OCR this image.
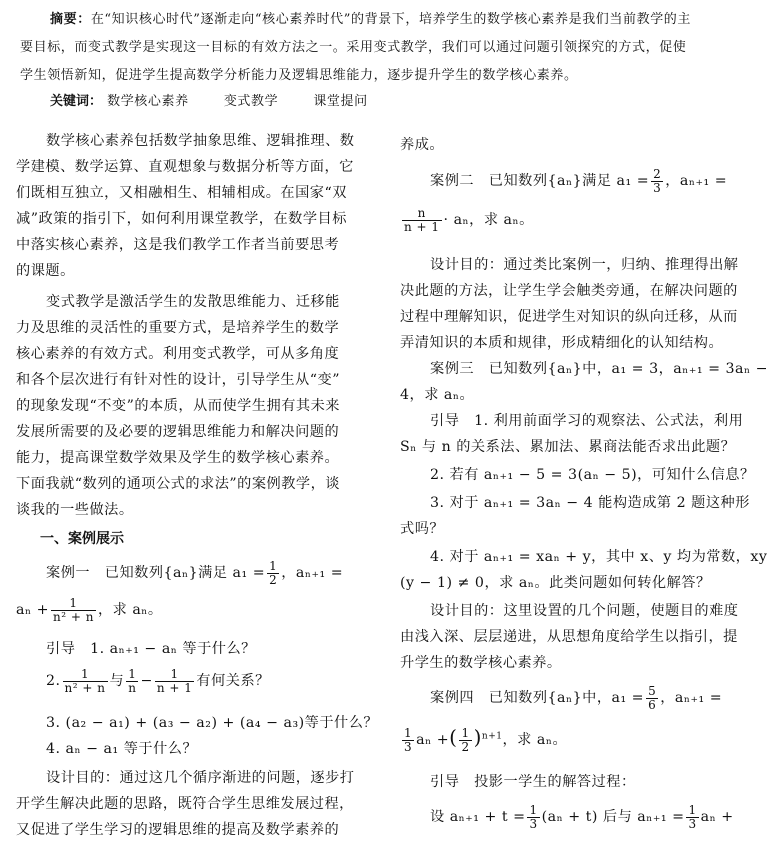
摘要：在“知识核心时代”逐渐走向“核心素养时代”的背景下，培养学生的数学核心素养是我们当前教学的主
要目标，而变式教学是实现这一目标的有效方法之一。采用变式教学，我们可以通过问题引领探究的方式，促使
学生领悟新知，促进学生提高数学分析能力及逻辑思维能力，逐步提升学生的数学核心素养。
关键词： 数学核心素养	变式教学	课堂提问
数学核心素养包括数学抽象思维、逻辑推理、数
学建模、数学运算、直观想象与数据分析等方面，它
们既相互独立，又相融相生、相辅相成。在国家“双
减”政策的指引下，如何利用课堂教学，在数学目标
中落实核心素养，这是我们教学工作者当前要思考
的课题。
变式教学是激活学生的发散思维能力、迁移能
力及思维的灵活性的重要方式，是培养学生的数学
核心素养的有效方式。利用变式教学，可从多角度
和各个层次进行有针对性的设计，引导学生从“变”
的现象发现“不变”的本质，从而使学生拥有其未来
发展所需要的及必要的逻辑思维能力和解决问题的
能力，提高课堂数学效果及学生的数学核心素养。
下面我就“数列的通项公式的求法”的案例教学，谈
谈我的一些做法。
一、案例展示
案例一　已知数列{aₙ}满足 $a_1 = \frac{1}{2}$ ，aₙ₊₁ =
$a_n + \frac{1}{\text{n² + n}}$ ，求 aₙ。
引导　 1. aₙ₊₁ − aₙ 等于什么？
2. $\frac{1}{\text{n² + n}}$ 与 $\frac{1}{n} - \frac{1}{n + 1}$ 有何关系？
3. (a₂ − a₁) + (a₃ − a₂) + (a₄ − a₃)等于什么？
4. aₙ − a₁ 等于什么？
设计目的：通过这几个循序渐进的问题，逐步打
开学生解决此题的思路，既符合学生思维发展过程，
又促进了学生学习的逻辑思维的提高及数学素养的
养成。
案例二　已知数列{aₙ}满足 $a_1 = \frac{2}{3}$ ，aₙ₊₁ =
$\frac{n}{n + 1} \cdot a_n$，求 aₙ。
设计目的：通过类比案例一，归纳、推理得出解
决此题的方法，让学生学会触类旁通，在解决问题的
过程中理解知识，促进学生对知识的纵向迁移，从而
弄清知识的本质和规律，形成精细化的认知结构。
案例三　已知数列{aₙ}中，a₁ = 3，aₙ₊₁ = 3aₙ −
4，求 aₙ。
引导　1. 利用前面学习的观察法、公式法，利用
Sₙ 与 n 的关系法、累加法、累商法能否求出此题？
2. 若有 aₙ₊₁ − 5 = 3(aₙ − 5)，可知什么信息？
3. 对于 aₙ₊₁ = 3aₙ − 4 能构造成第 2 题这种形
式吗？
4. 对于 aₙ₊₁ = xaₙ + y，其中 x、y 均为常数，xy
(y − 1) ≠ 0，求 aₙ。此类问题如何转化解答？
设计目的：这里设置的几个问题，使题目的难度
由浅入深、层层递进，从思想角度给学生以指引，提
升学生的数学核心素养。
案例四　已知数列{aₙ}中，$a_1 = \frac{5}{6}$ ，aₙ₊₁ =
$\frac{1}{3}$ aₙ +( $\frac{1}{2} )^{n+1}$，求 aₙ。
引导　投影一学生的解答过程：
设 $a_{n+1} + t = \frac{1}{3} (a_n + t)$ 后与 $a_{n+1} = \frac{1}{3}$ aₙ +
